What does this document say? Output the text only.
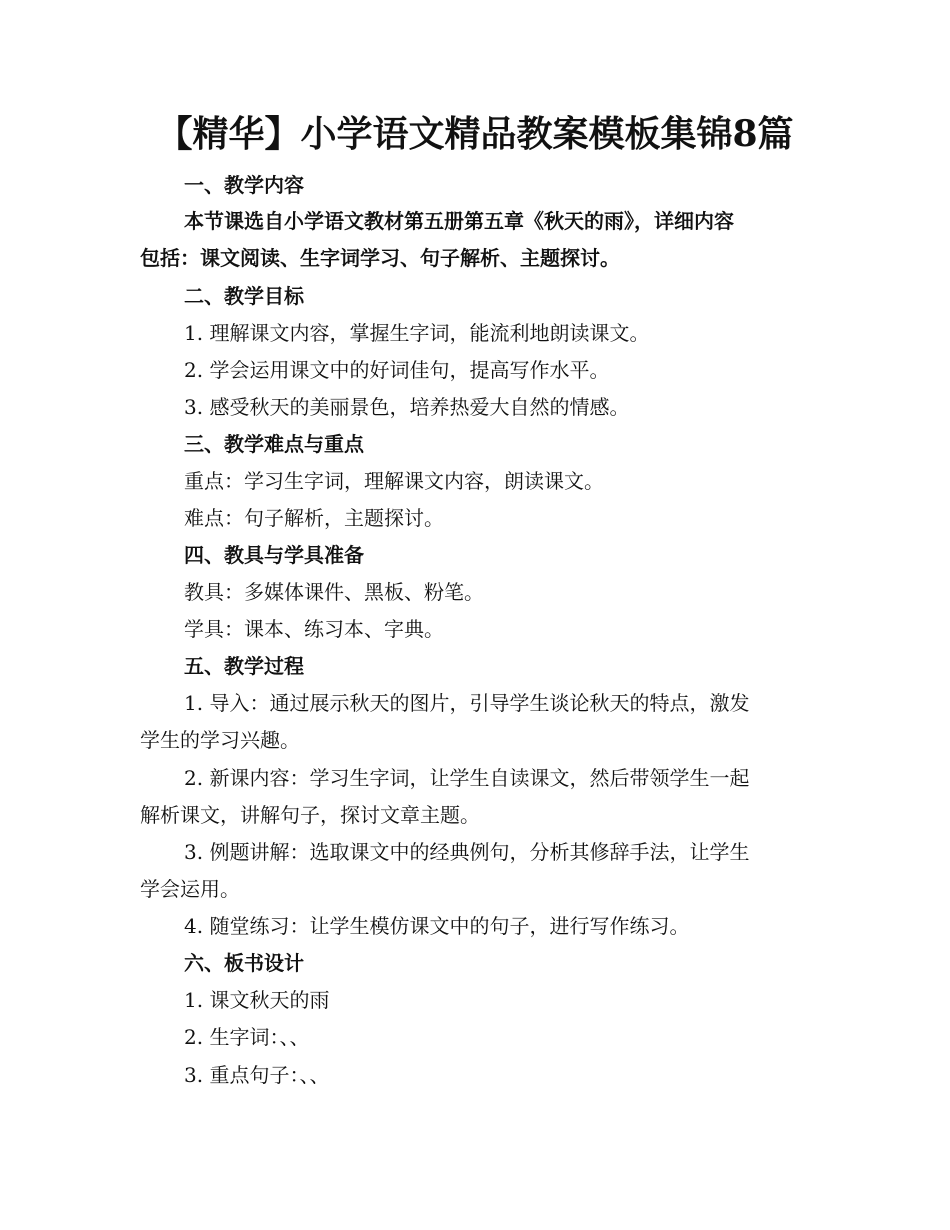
【精华】小学语文精品教案模板集锦8篇
一、教学内容
本节课选自小学语文教材第五册第五章《秋天的雨》，详细内容
包括：课文阅读、生字词学习、句子解析、主题探讨。
二、教学目标
1. 理解课文内容，掌握生字词，能流利地朗读课文。
2. 学会运用课文中的好词佳句，提高写作水平。
3. 感受秋天的美丽景色，培养热爱大自然的情感。
三、教学难点与重点
重点：学习生字词，理解课文内容，朗读课文。
难点：句子解析，主题探讨。
四、教具与学具准备
教具：多媒体课件、黑板、粉笔。
学具：课本、练习本、字典。
五、教学过程
1. 导入：通过展示秋天的图片，引导学生谈论秋天的特点，激发
学生的学习兴趣。
2. 新课内容：学习生字词，让学生自读课文，然后带领学生一起
解析课文，讲解句子，探讨文章主题。
3. 例题讲解：选取课文中的经典例句，分析其修辞手法，让学生
学会运用。
4. 随堂练习：让学生模仿课文中的句子，进行写作练习。
六、板书设计
1. 课文秋天的雨
2. 生字词：、、
3. 重点句子：、、
